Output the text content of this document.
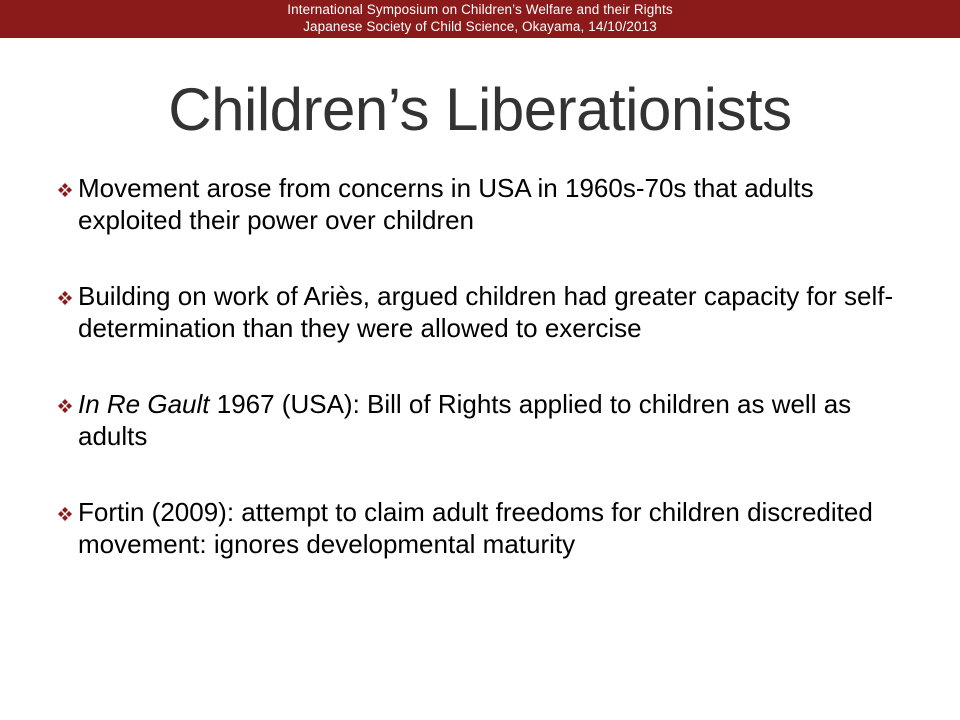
International Symposium on Children’s Welfare and their Rights
Japanese Society of Child Science, Okayama, 14/10/2013
Children’s Liberationists
Movement arose from concerns in USA in 1960s-70s that adults exploited their power over children
Building on work of Ariès, argued children had greater capacity for self-determination than they were allowed to exercise
In Re Gault 1967 (USA): Bill of Rights applied to children as well as adults
Fortin (2009): attempt to claim adult freedoms for children discredited movement: ignores developmental maturity
